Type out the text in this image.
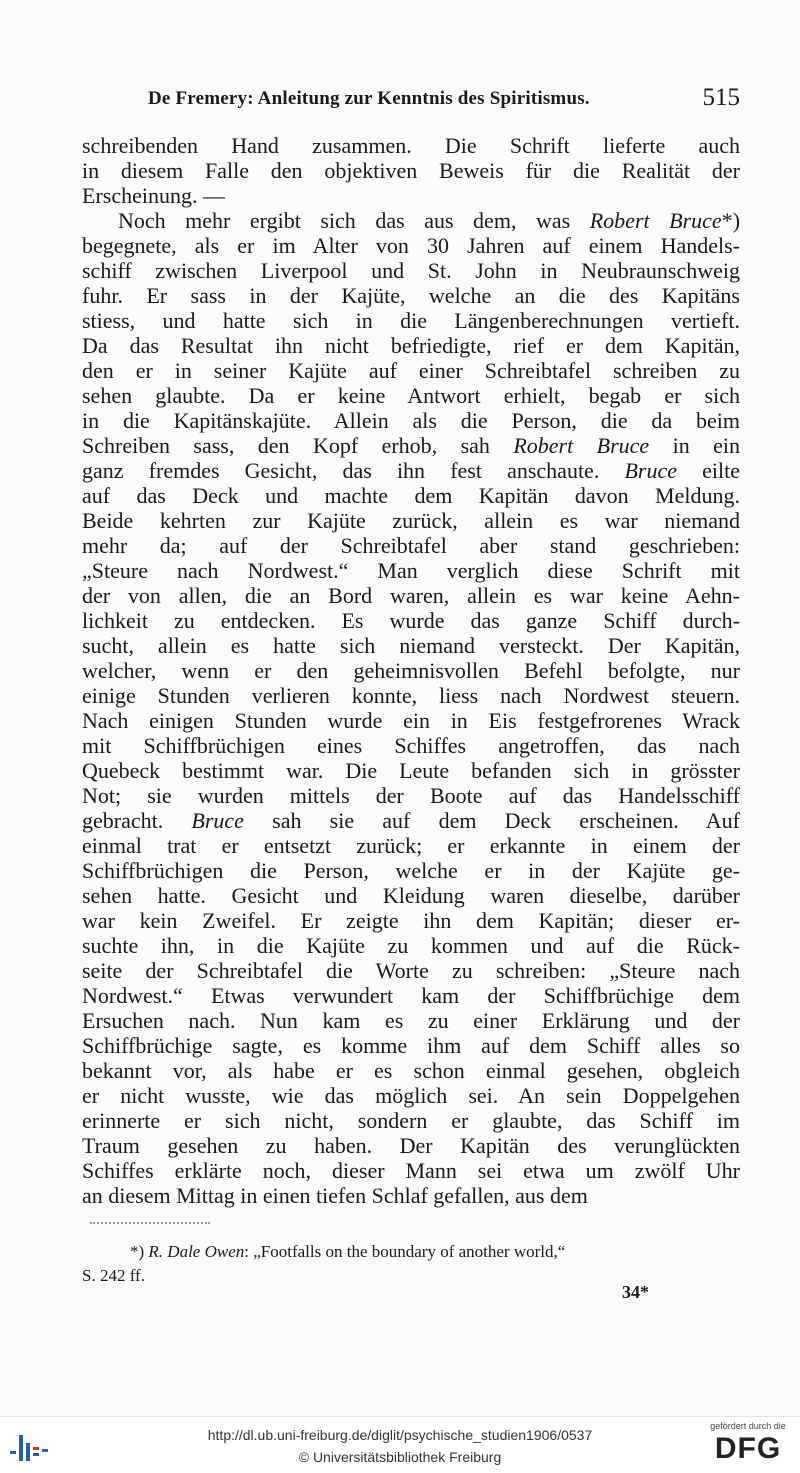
De Fremery: Anleitung zur Kenntnis des Spiritismus.	515
schreibenden Hand zusammen. Die Schrift lieferte auch
in diesem Falle den objektiven Beweis für die Realität der
Erscheinung. —
Noch mehr ergibt sich das aus dem, was Robert Bruce*)
begegnete, als er im Alter von 30 Jahren auf einem Handels-
schiff zwischen Liverpool und St. John in Neubraunschweig
fuhr. Er sass in der Kajüte, welche an die des Kapitäns
stiess, und hatte sich in die Längenberechnungen vertieft.
Da das Resultat ihn nicht befriedigte, rief er dem Kapitän,
den er in seiner Kajüte auf einer Schreibtafel schreiben zu
sehen glaubte. Da er keine Antwort erhielt, begab er sich
in die Kapitänskajüte. Allein als die Person, die da beim
Schreiben sass, den Kopf erhob, sah Robert Bruce in ein
ganz fremdes Gesicht, das ihn fest anschaute. Bruce eilte
auf das Deck und machte dem Kapitän davon Meldung.
Beide kehrten zur Kajüte zurück, allein es war niemand
mehr da; auf der Schreibtafel aber stand geschrieben:
„Steure nach Nordwest.“ Man verglich diese Schrift mit
der von allen, die an Bord waren, allein es war keine Aehn-
lichkeit zu entdecken. Es wurde das ganze Schiff durch-
sucht, allein es hatte sich niemand versteckt. Der Kapitän,
welcher, wenn er den geheimnisvollen Befehl befolgte, nur
einige Stunden verlieren konnte, liess nach Nordwest steuern.
Nach einigen Stunden wurde ein in Eis festgefrorenes Wrack
mit Schiffbrüchigen eines Schiffes angetroffen, das nach
Quebeck bestimmt war. Die Leute befanden sich in grösster
Not; sie wurden mittels der Boote auf das Handelsschiff
gebracht. Bruce sah sie auf dem Deck erscheinen. Auf
einmal trat er entsetzt zurück; er erkannte in einem der
Schiffbrüchigen die Person, welche er in der Kajüte ge-
sehen hatte. Gesicht und Kleidung waren dieselbe, darüber
war kein Zweifel. Er zeigte ihn dem Kapitän; dieser er-
suchte ihn, in die Kajüte zu kommen und auf die Rück-
seite der Schreibtafel die Worte zu schreiben: „Steure nach
Nordwest.“ Etwas verwundert kam der Schiffbrüchige dem
Ersuchen nach. Nun kam es zu einer Erklärung und der
Schiffbrüchige sagte, es komme ihm auf dem Schiff alles so
bekannt vor, als habe er es schon einmal gesehen, obgleich
er nicht wusste, wie das möglich sei. An sein Doppelgehen
erinnerte er sich nicht, sondern er glaubte, das Schiff im
Traum gesehen zu haben. Der Kapitän des verunglückten
Schiffes erklärte noch, dieser Mann sei etwa um zwölf Uhr
an diesem Mittag in einen tiefen Schlaf gefallen, aus dem
*) R. Dale Owen: „Footfalls on the boundary of another world,“
S. 242 ff.
34*
http://dl.ub.uni-freiburg.de/diglit/psychische_studien1906/0537
© Universitätsbibliothek Freiburg
gefördert durch die
DFG
